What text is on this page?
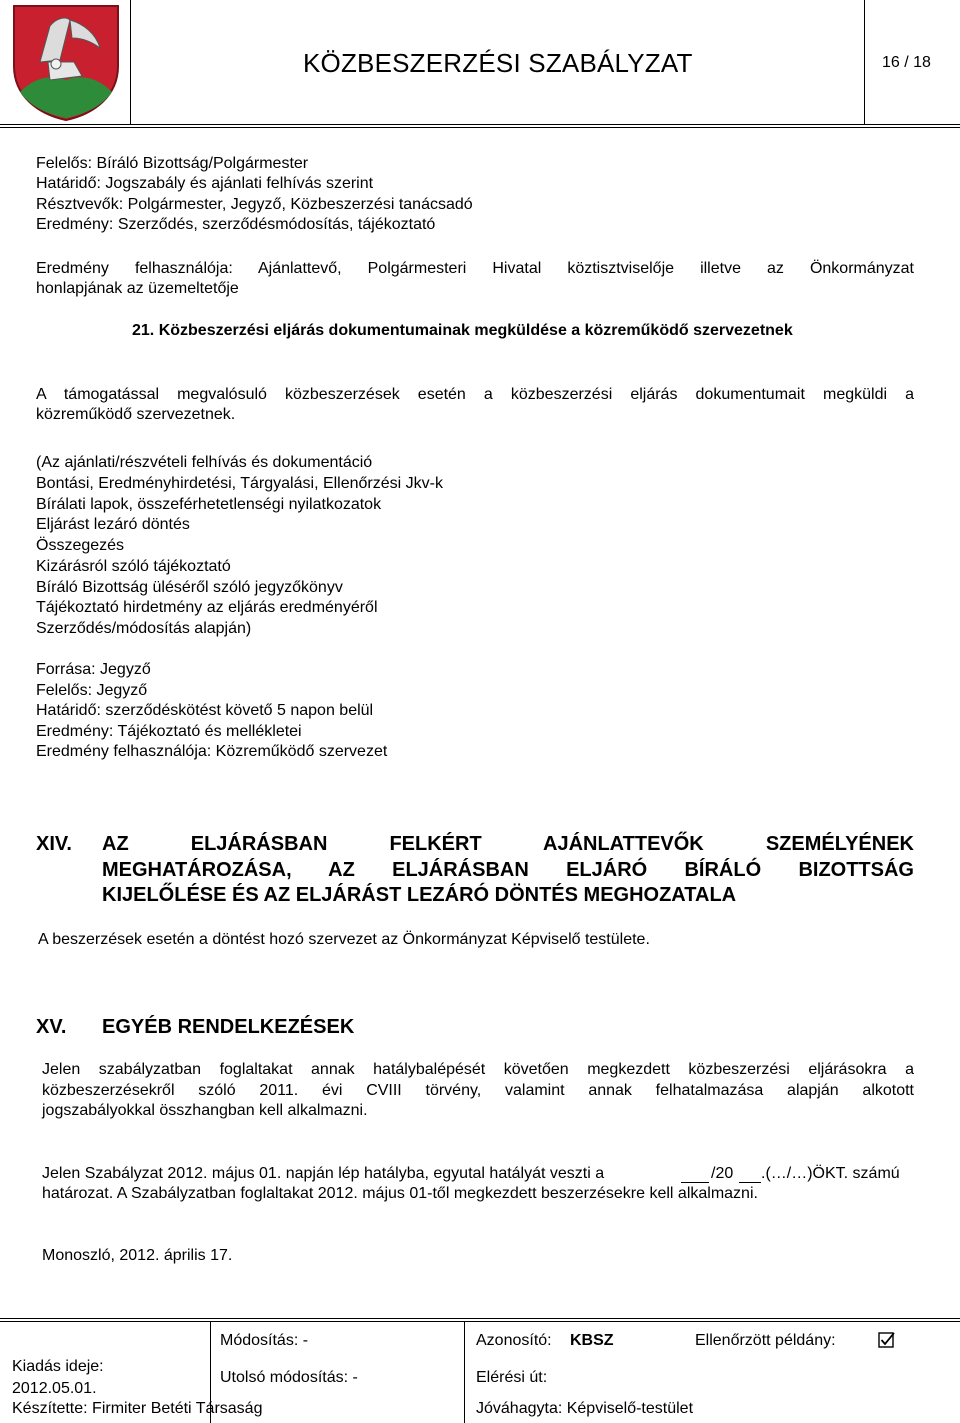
KÖZBESZERZÉSI SZABÁLYZAT	16 / 18
Felelős: Bíráló Bizottság/Polgármester
Határidő: Jogszabály és ajánlati felhívás szerint
Résztvevők: Polgármester, Jegyző, Közbeszerzési tanácsadó
Eredmény: Szerződés, szerződésmódosítás, tájékoztató
Eredmény felhasználója: Ajánlattevő, Polgármesteri Hivatal köztisztviselője illetve az Önkormányzat
honlapjának az üzemeltetője
21. Közbeszerzési eljárás dokumentumainak megküldése a közreműködő szervezetnek
A támogatással megvalósuló közbeszerzések esetén a közbeszerzési eljárás dokumentumait megküldi a
közreműködő szervezetnek.
(Az ajánlati/részvételi felhívás és dokumentáció
Bontási, Eredményhirdetési, Tárgyalási, Ellenőrzési Jkv-k
Bírálati lapok, összeférhetetlenségi nyilatkozatok
Eljárást lezáró döntés
Összegezés
Kizárásról szóló tájékoztató
Bíráló Bizottság üléséről szóló jegyzőkönyv
Tájékoztató hirdetmény az eljárás eredményéről
Szerződés/módosítás alapján)
Forrása: Jegyző
Felelős: Jegyző
Határidő: szerződéskötést követő 5 napon belül
Eredmény: Tájékoztató és mellékletei
Eredmény felhasználója: Közreműködő szervezet
XIV. AZ ELJÁRÁSBAN FELKÉRT AJÁNLATTEVŐK SZEMÉLYÉNEK
MEGHATÁROZÁSA, AZ ELJÁRÁSBAN ELJÁRÓ BÍRÁLÓ BIZOTTSÁG
KIJELŐLÉSE ÉS AZ ELJÁRÁST LEZÁRÓ DÖNTÉS MEGHOZATALA
A beszerzések esetén a döntést hozó szervezet az Önkormányzat Képviselő testülete.
XV. EGYÉB RENDELKEZÉSEK
Jelen szabályzatban foglaltakat annak hatálybalépését követően megkezdett közbeszerzési eljárásokra a
közbeszerzésekről szóló 2011. évi CVIII törvény, valamint annak felhatalmazása alapján alkotott
jogszabályokkal összhangban kell alkalmazni.
Jelen Szabályzat 2012. május 01. napján lép hatályba, egyutal hatályát veszti a	/20 .(…/…)ÖKT. számú
határozat. A Szabályzatban foglaltakat 2012. május 01-től megkezdett beszerzésekre kell alkalmazni.
Monoszló, 2012. április 17.
Kiadás ideje:
2012.05.01.
Készítette: Firmiter Betéti Társaság
Módosítás: -
Utolsó módosítás: -
Azonosító: KBSZ
Elérési út:
Jóváhagyta: Képviselő-testület
Ellenőrzött példány:
